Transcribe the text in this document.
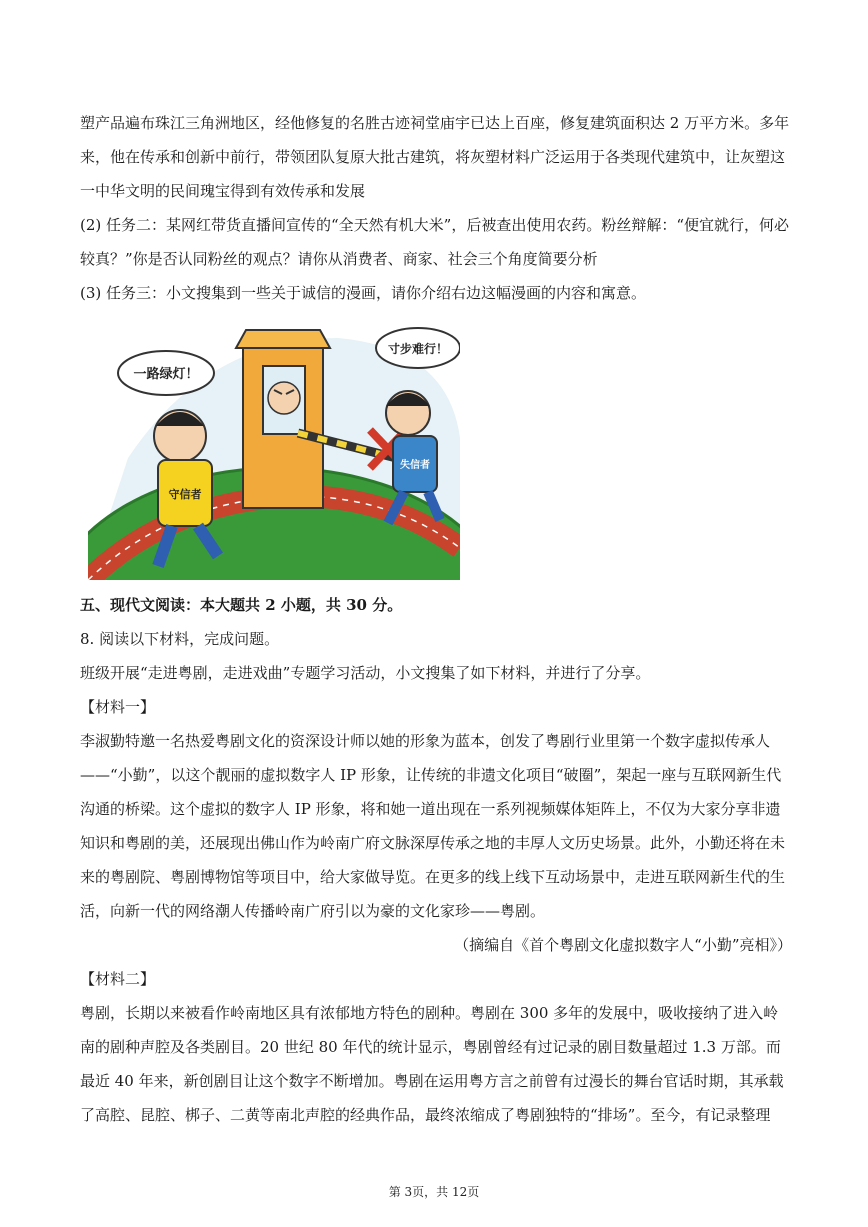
塑产品遍布珠江三角洲地区，经他修复的名胜古迹祠堂庙宇已达上百座，修复建筑面积达 2 万平方米。多年来，他在传承和创新中前行，带领团队复原大批古建筑，将灰塑材料广泛运用于各类现代建筑中，让灰塑这一中华文明的民间瑰宝得到有效传承和发展

(2) 任务二：某网红带货直播间宣传的“全天然有机大米”，后被查出使用农药。粉丝辩解：“便宜就行，何必较真？”你是否认同粉丝的观点？请你从消费者、商家、社会三个角度简要分析

(3) 任务三：小文搜集到一些关于诚信的漫画，请你介绍右边这幅漫画的内容和寓意。

一路绿灯！
寸步难行！
守信者
失信者

五、现代文阅读：本大题共 2 小题，共 30 分。

8. 阅读以下材料，完成问题。

班级开展“走进粤剧，走进戏曲”专题学习活动，小文搜集了如下材料，并进行了分享。

【材料一】

李淑勤特邀一名热爱粤剧文化的资深设计师以她的形象为蓝本，创发了粤剧行业里第一个数字虚拟传承人——“小勤”，以这个靓丽的虚拟数字人 IP 形象，让传统的非遗文化项目“破圈”，架起一座与互联网新生代沟通的桥梁。这个虚拟的数字人 IP 形象，将和她一道出现在一系列视频媒体矩阵上，不仅为大家分享非遗知识和粤剧的美，还展现出佛山作为岭南广府文脉深厚传承之地的丰厚人文历史场景。此外，小勤还将在未来的粤剧院、粤剧博物馆等项目中，给大家做导览。在更多的线上线下互动场景中，走进互联网新生代的生活，向新一代的网络潮人传播岭南广府引以为豪的文化家珍——粤剧。

（摘编自《首个粤剧文化虚拟数字人“小勤”亮相》）

【材料二】

粤剧，长期以来被看作岭南地区具有浓郁地方特色的剧种。粤剧在 300 多年的发展中，吸收接纳了进入岭南的剧种声腔及各类剧目。20 世纪 80 年代的统计显示，粤剧曾经有过记录的剧目数量超过 1.3 万部。而最近 40 年来，新创剧目让这个数字不断增加。粤剧在运用粤方言之前曾有过漫长的舞台官话时期，其承载了高腔、昆腔、梆子、二黄等南北声腔的经典作品，最终浓缩成了粤剧独特的“排场”。至今，有记录整理

第 3页，共 12页
